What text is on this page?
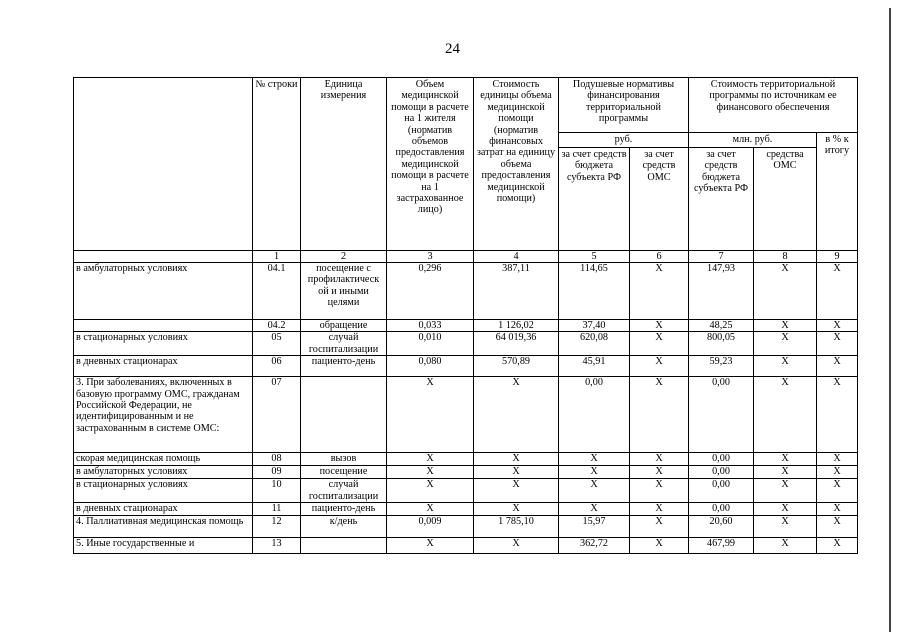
24
	№ строки	Единица измерения	Объем медицинской помощи в расчете на 1 жителя (норматив объемов предоставления медицинской помощи в расчете на 1 застрахованное лицо)	Стоимость единицы объема медицинской помощи (норматив финансовых затрат на единицу объема предоставления медицинской помощи)	Подушевые нормативы финансирования территориальной программы		Стоимость территориальной программы по источникам ее финансового обеспечения		
					руб.		млн. руб.		в % к итогу
					за счет средств бюджета субъекта РФ	за счет средств ОМС	за счет средств бюджета субъекта РФ	средства ОМС	
	1	2	3	4	5	6	7	8	9
в амбулаторных условиях	04.1	посещение с профилактическ ой и иными целями	0,296	387,11	114,65	X	147,93	X	X
	04.2	обращение	0,033	1 126,02	37,40	X	48,25	X	X
в стационарных условиях	05	случай госпитализации	0,010	64 019,36	620,08	X	800,05	X	X
в дневных стационарах	06	пациенто-день	0,080	570,89	45,91	X	59,23	X	X
3. При заболеваниях, включенных в базовую программу ОМС, гражданам Российской Федерации, не идентифицированным и не застрахованным в системе ОМС:	07		X	X	0,00	X	0,00	X	X
скорая медицинская помощь	08	вызов	X	X	X	X	0,00	X	X
в амбулаторных условиях	09	посещение	X	X	X	X	0,00	X	X
в стационарных условиях	10	случай госпитализации	X	X	X	X	0,00	X	X
в дневных стационарах	11	пациенто-день	X	X	X	X	0,00	X	X
4. Паллиативная медицинская помощь	12	к/день	0,009	1 785,10	15,97	X	20,60	X	X
5. Иные государственные и	13		X	X	362,72	X	467,99	X	X
